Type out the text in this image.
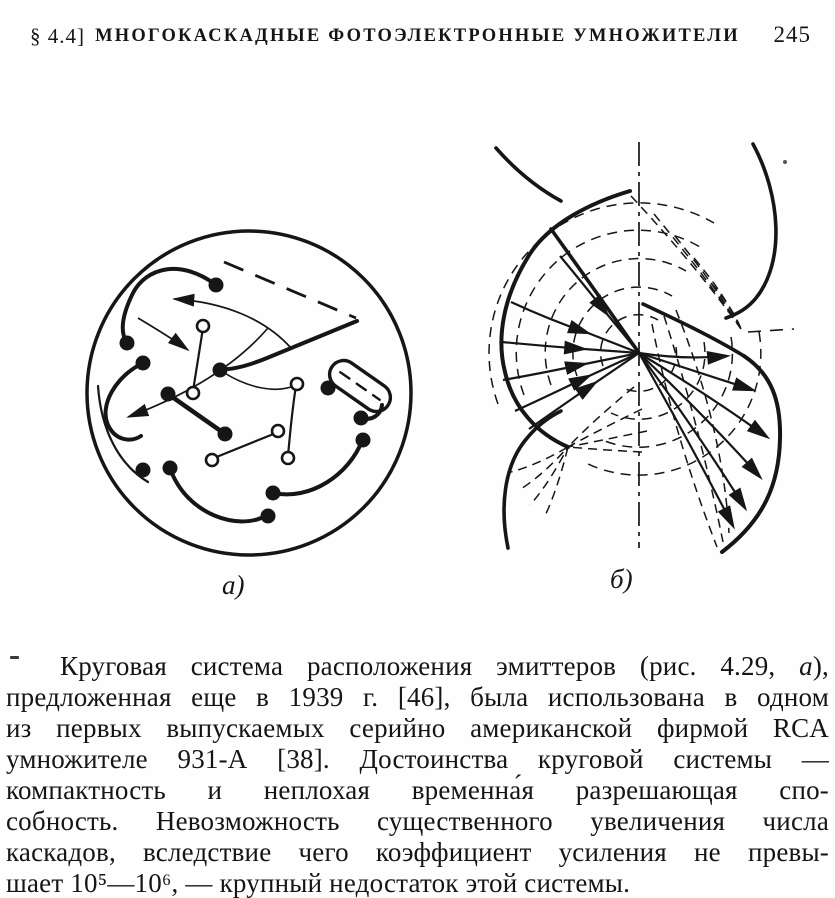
§ 4.4] МНОГОКАСКАДНЫЕ ФОТОЭЛЕКТРОННЫЕ УМНОЖИТЕЛИ 245
а)	б)
Круговая система расположения эмиттеров (рис. 4.29, а),
предложенная еще в 1939 г. [46], была использована в одном
из первых выпускаемых серийно американской фирмой RCA
умножителе 931-А [38]. Достоинства круговой системы —
компактность и неплохая временна́я разрешающая спо-
собность. Невозможность существенного увеличения числа
каскадов, вследствие чего коэффициент усиления не превы-
шает 10⁵—10⁶, — крупный недостаток этой системы.
